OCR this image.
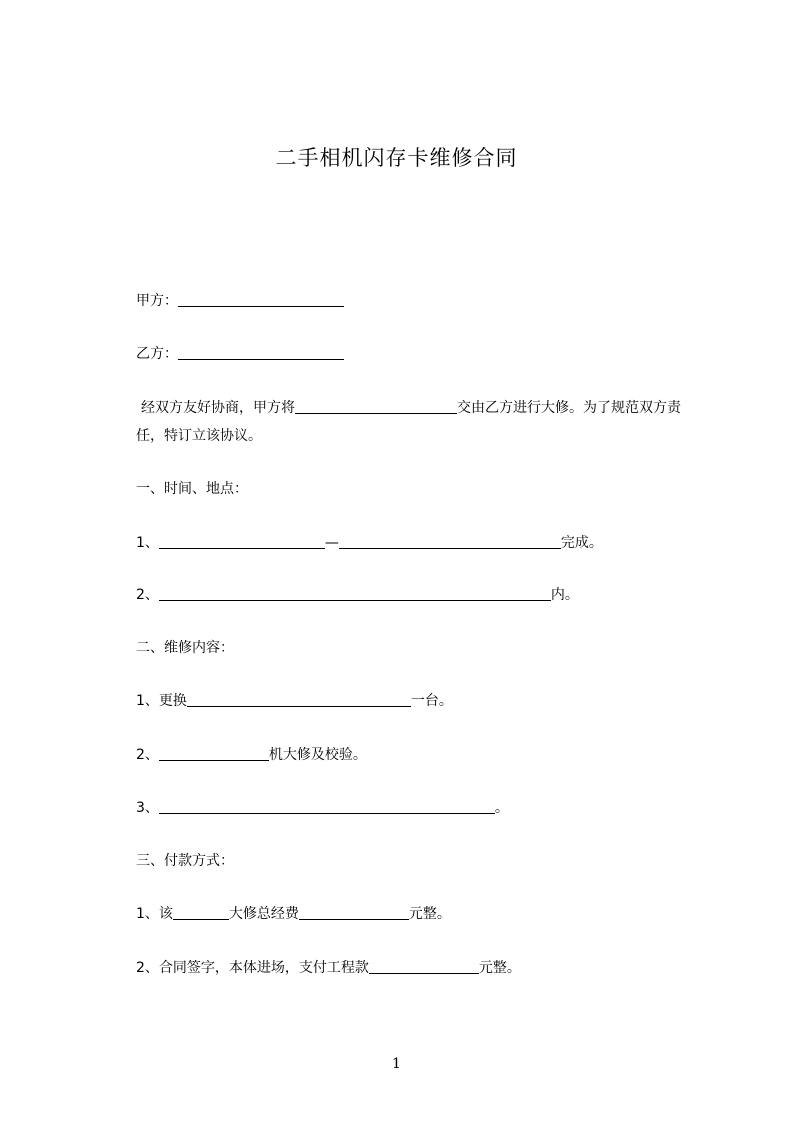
二手相机闪存卡维修合同
甲方：
乙方：
经双方友好协商，甲方将	交由乙方进行大修。为了规范双方责任，特订立该协议。
一、时间、地点：
1、	—	完成。
2、	内。
二、维修内容：
1、更换	一台。
2、	机大修及校验。
3、	。
三、付款方式：
1、该	大修总经费	元整。
2、合同签字，本体进场，支付工程款	元整。
1
